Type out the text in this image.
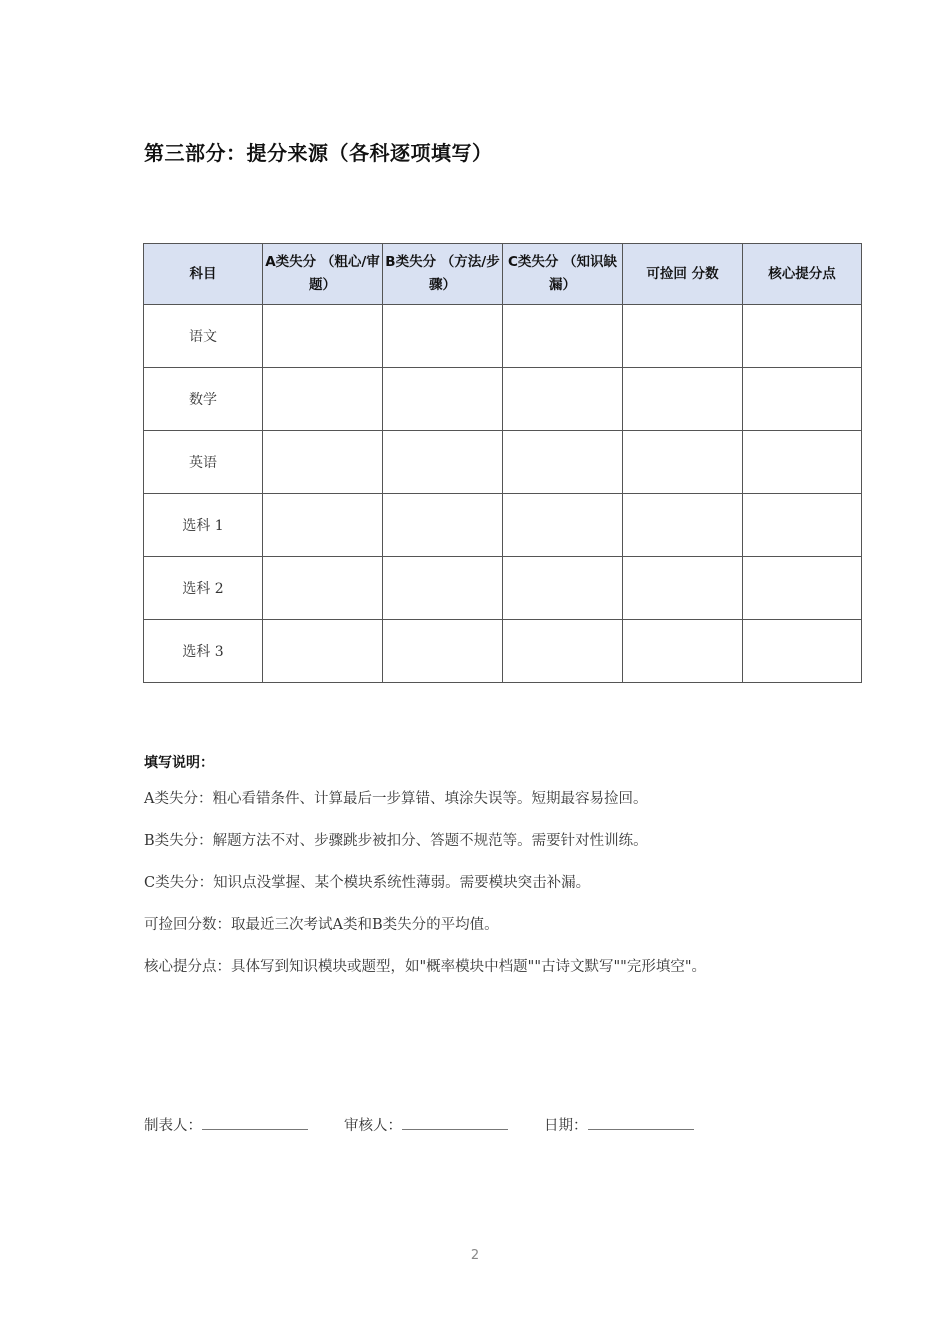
第三部分：提分来源（各科逐项填写）
科目	A类失分 （粗心/审题）	B类失分 （方法/步骤）	C类失分 （知识缺漏）	可捡回 分数	核心提分点
语文					
数学					
英语					
选科 1					
选科 2					
选科 3					
填写说明：
A类失分：粗心看错条件、计算最后一步算错、填涂失误等。短期最容易捡回。
B类失分：解题方法不对、步骤跳步被扣分、答题不规范等。需要针对性训练。
C类失分：知识点没掌握、某个模块系统性薄弱。需要模块突击补漏。
可捡回分数：取最近三次考试A类和B类失分的平均值。
核心提分点：具体写到知识模块或题型，如"概率模块中档题""古诗文默写""完形填空"。
制表人：	审核人：	日期：
2
